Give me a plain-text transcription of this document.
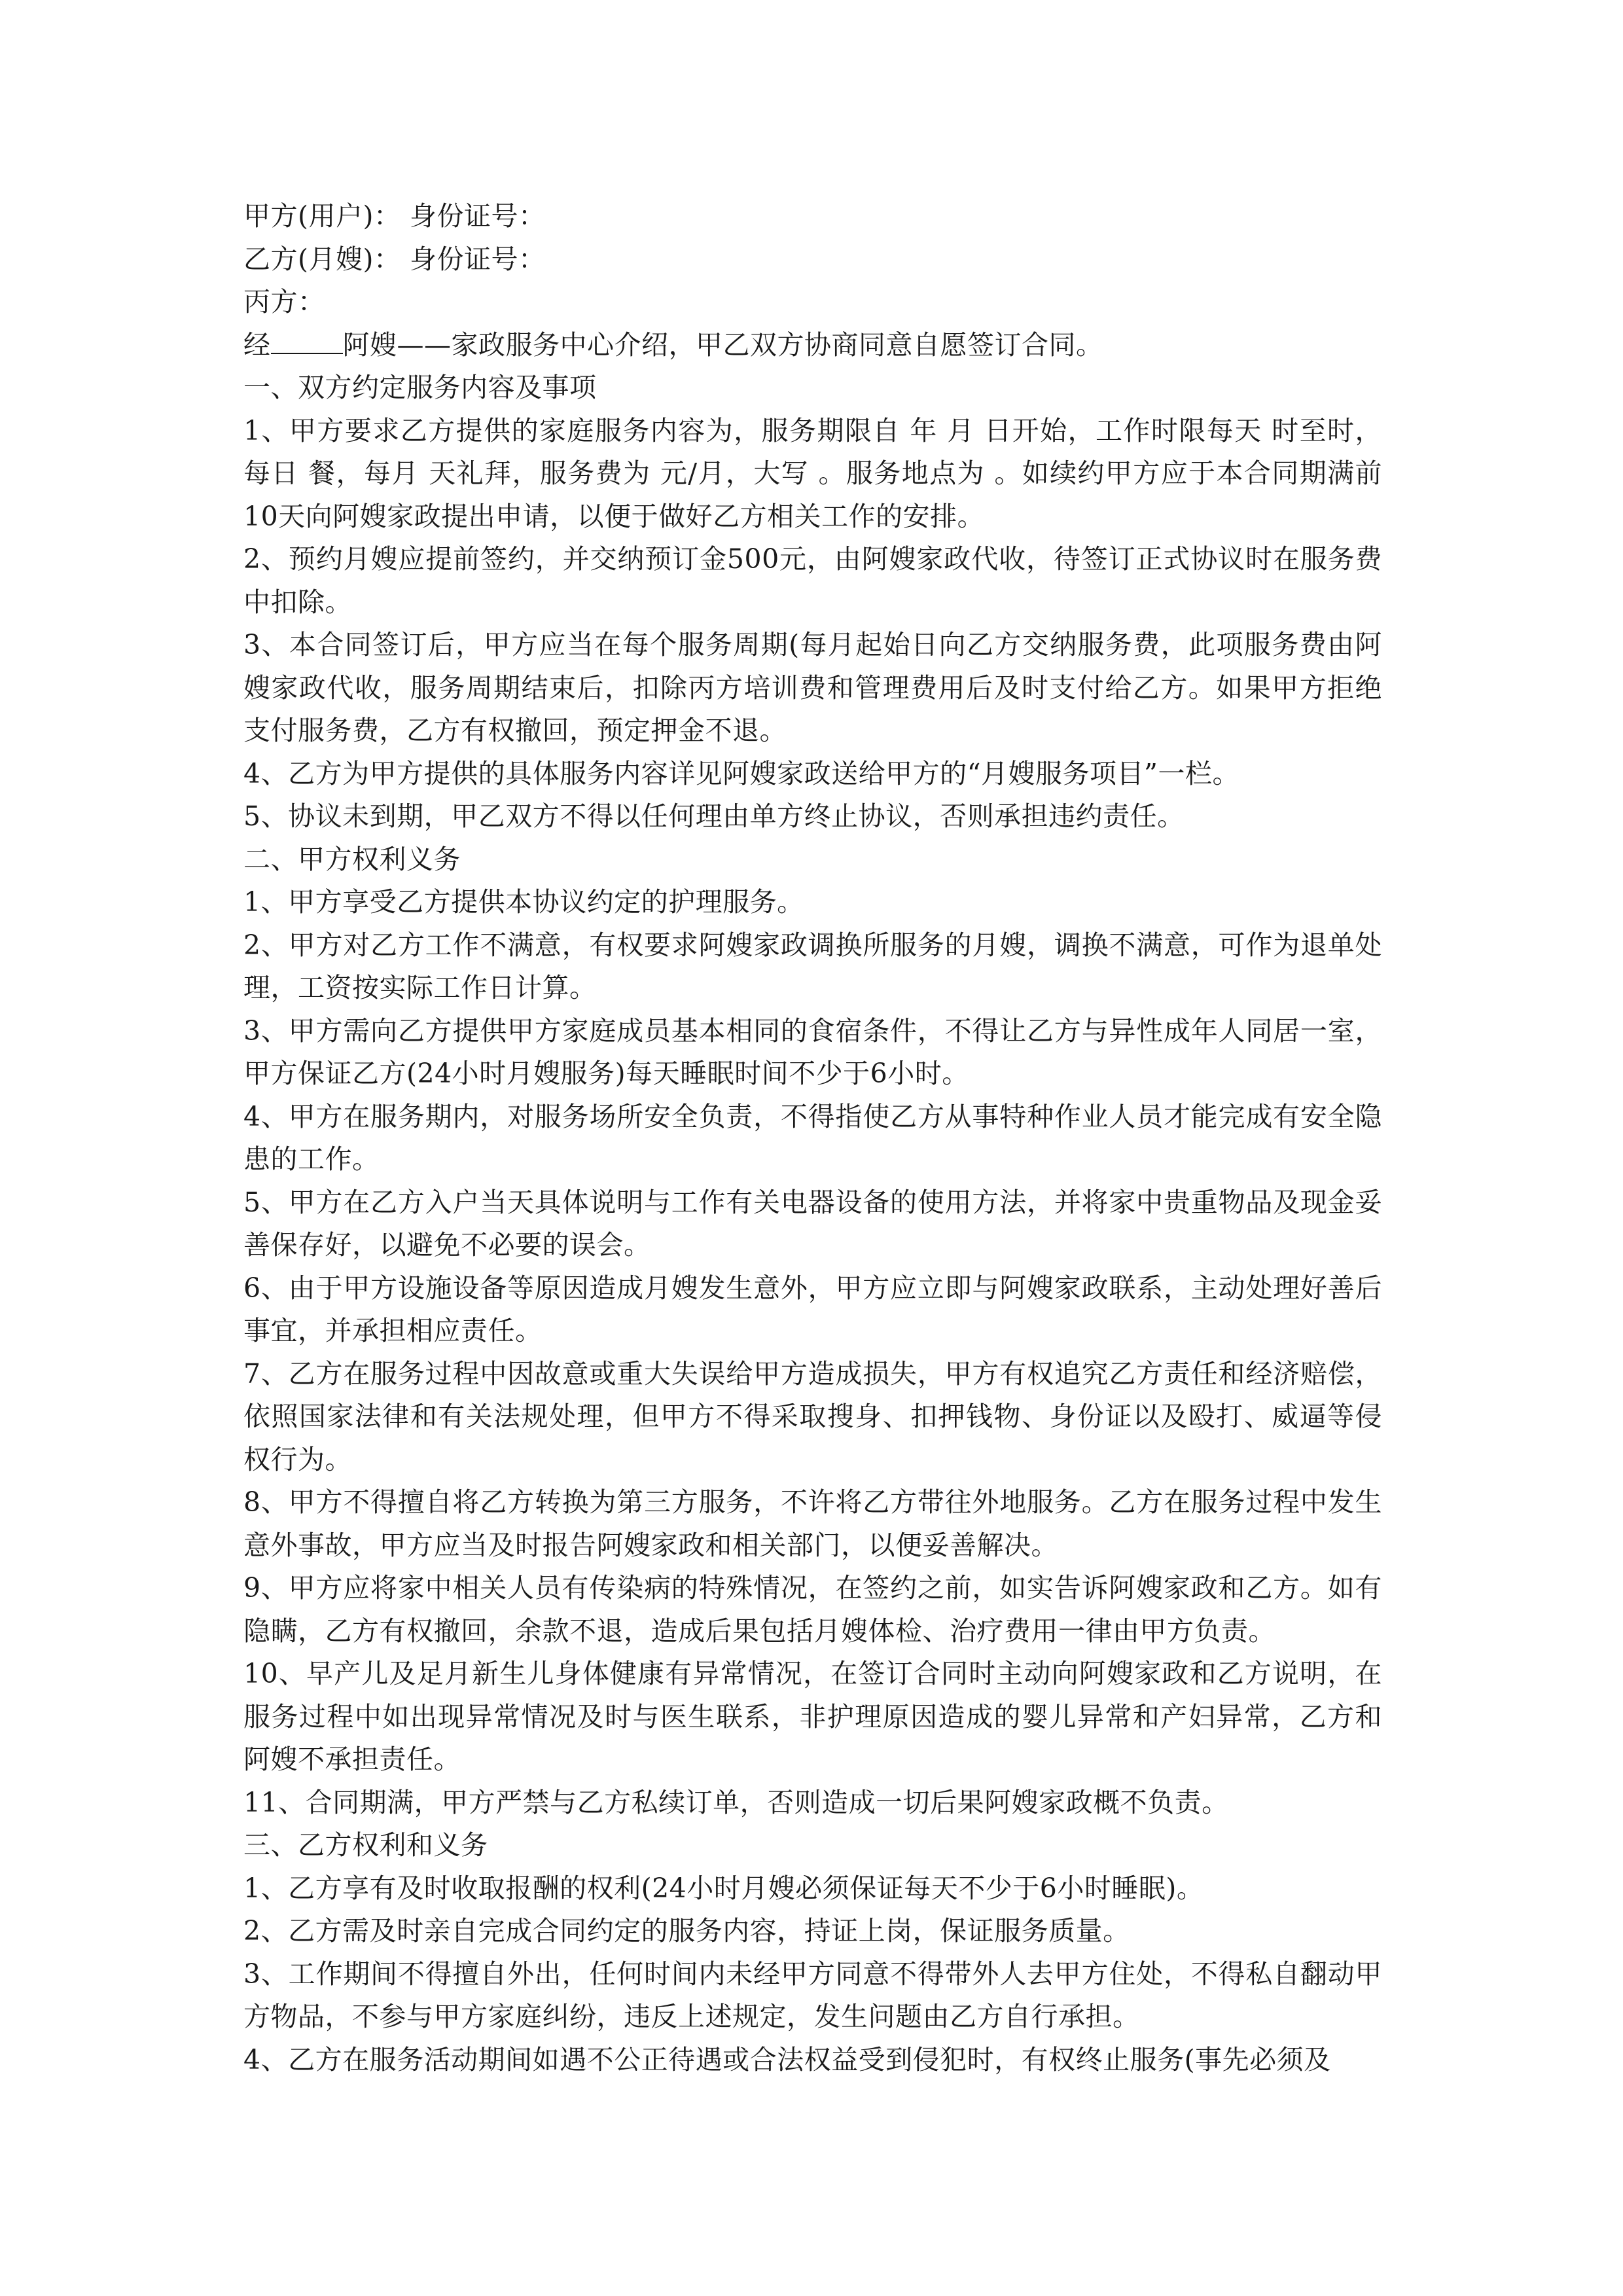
甲方(用户)： 身份证号：

乙方(月嫂)： 身份证号：

丙方：

经	阿嫂——家政服务中心介绍，甲乙双方协商同意自愿签订合同。

一、双方约定服务内容及事项

1、甲方要求乙方提供的家庭服务内容为，服务期限自 年 月 日开始，工作时限每天 时至时，每日 餐，每月 天礼拜，服务费为 元/月，大写 。服务地点为 。如续约甲方应于本合同期满前10天向阿嫂家政提出申请，以便于做好乙方相关工作的安排。

2、预约月嫂应提前签约，并交纳预订金500元，由阿嫂家政代收，待签订正式协议时在服务费中扣除。

3、本合同签订后，甲方应当在每个服务周期(每月起始日向乙方交纳服务费，此项服务费由阿嫂家政代收，服务周期结束后，扣除丙方培训费和管理费用后及时支付给乙方。如果甲方拒绝支付服务费，乙方有权撤回，预定押金不退。

4、乙方为甲方提供的具体服务内容详见阿嫂家政送给甲方的“月嫂服务项目”一栏。

5、协议未到期，甲乙双方不得以任何理由单方终止协议，否则承担违约责任。

二、甲方权利义务

1、甲方享受乙方提供本协议约定的护理服务。

2、甲方对乙方工作不满意，有权要求阿嫂家政调换所服务的月嫂，调换不满意，可作为退单处理，工资按实际工作日计算。

3、甲方需向乙方提供甲方家庭成员基本相同的食宿条件，不得让乙方与异性成年人同居一室，甲方保证乙方(24小时月嫂服务)每天睡眠时间不少于6小时。

4、甲方在服务期内，对服务场所安全负责，不得指使乙方从事特种作业人员才能完成有安全隐患的工作。

5、甲方在乙方入户当天具体说明与工作有关电器设备的使用方法，并将家中贵重物品及现金妥善保存好，以避免不必要的误会。

6、由于甲方设施设备等原因造成月嫂发生意外，甲方应立即与阿嫂家政联系，主动处理好善后事宜，并承担相应责任。

7、乙方在服务过程中因故意或重大失误给甲方造成损失，甲方有权追究乙方责任和经济赔偿，依照国家法律和有关法规处理，但甲方不得采取搜身、扣押钱物、身份证以及殴打、威逼等侵权行为。

8、甲方不得擅自将乙方转换为第三方服务，不许将乙方带往外地服务。乙方在服务过程中发生意外事故，甲方应当及时报告阿嫂家政和相关部门，以便妥善解决。

9、甲方应将家中相关人员有传染病的特殊情况，在签约之前，如实告诉阿嫂家政和乙方。如有隐瞒，乙方有权撤回，余款不退，造成后果包括月嫂体检、治疗费用一律由甲方负责。

10、早产儿及足月新生儿身体健康有异常情况，在签订合同时主动向阿嫂家政和乙方说明，在服务过程中如出现异常情况及时与医生联系，非护理原因造成的婴儿异常和产妇异常，乙方和阿嫂不承担责任。

11、合同期满，甲方严禁与乙方私续订单，否则造成一切后果阿嫂家政概不负责。

三、乙方权利和义务

1、乙方享有及时收取报酬的权利(24小时月嫂必须保证每天不少于6小时睡眠)。

2、乙方需及时亲自完成合同约定的服务内容，持证上岗，保证服务质量。

3、工作期间不得擅自外出，任何时间内未经甲方同意不得带外人去甲方住处，不得私自翻动甲方物品，不参与甲方家庭纠纷，违反上述规定，发生问题由乙方自行承担。

4、乙方在服务活动期间如遇不公正待遇或合法权益受到侵犯时，有权终止服务(事先必须及
